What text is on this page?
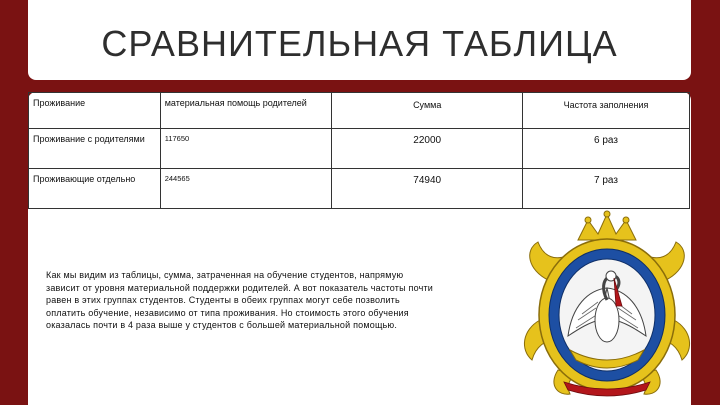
СРАВНИТЕЛЬНАЯ ТАБЛИЦА
Проживание	материальная помощь родителей	Сумма	Частота заполнения
Проживание с родителями	117650	22000	6 раз
Проживающие отдельно	244565	74940	7 раз
Как мы видим из таблицы, сумма, затраченная на обучение студентов, напрямую зависит от уровня материальной поддержки родителей. А вот показатель частоты почти равен в этих группах студентов. Студенты в обеих группах могут себе позволить оплатить обучение, независимо от типа проживания. Но стоимость этого обучения оказалась почти в 4 раза выше у студентов с большей материальной помощью.
